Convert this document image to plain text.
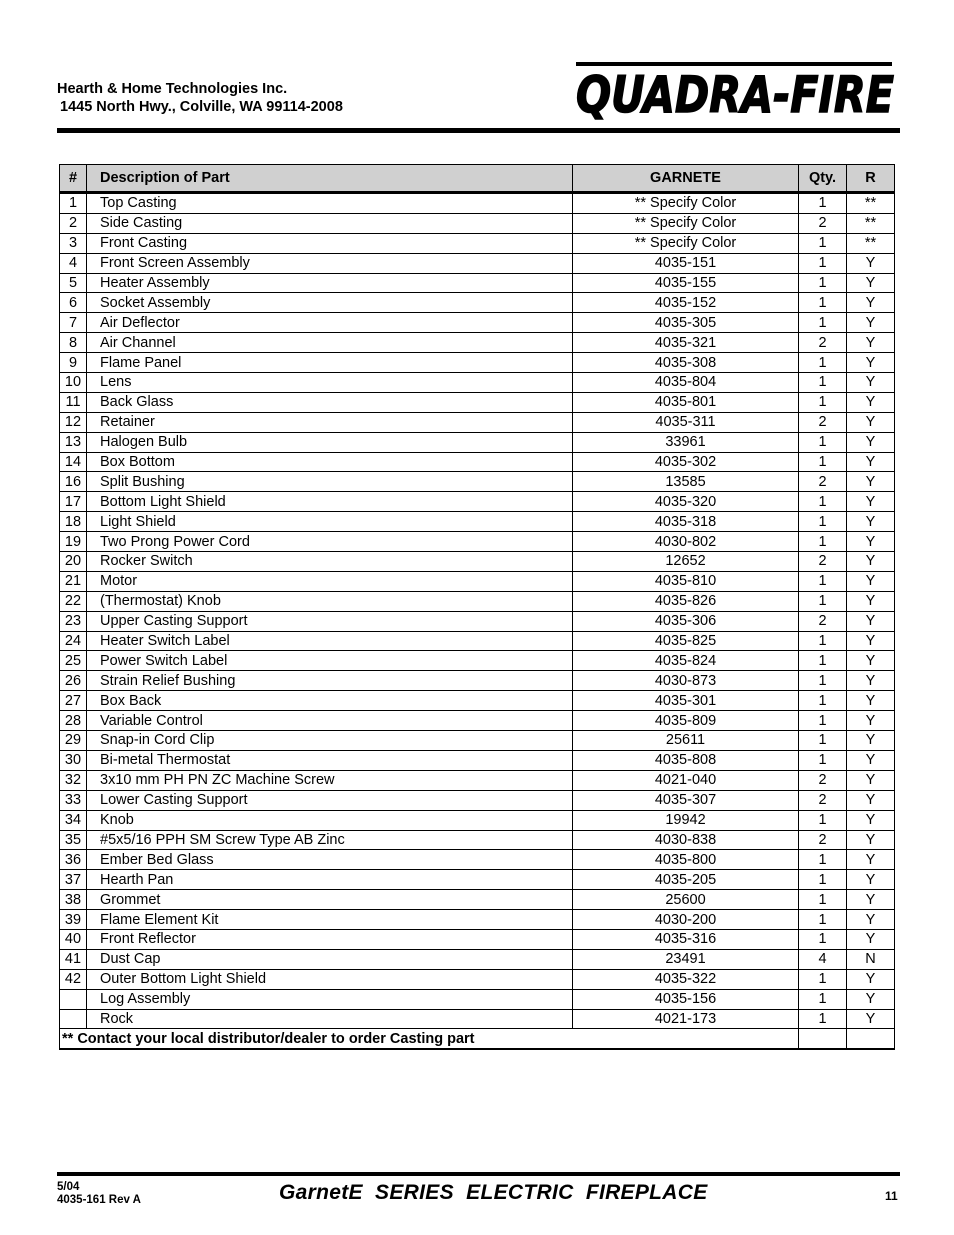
Hearth & Home Technologies Inc.
1445 North Hwy., Colville, WA 99114-2008	QUADRA-FIRE
#	Description of Part	GARNETE	Qty.	R
1	Top Casting	** Specify Color	1	**
2	Side Casting	** Specify Color	2	**
3	Front Casting	** Specify Color	1	**
4	Front Screen Assembly	4035-151	1	Y
5	Heater Assembly	4035-155	1	Y
6	Socket Assembly	4035-152	1	Y
7	Air Deflector	4035-305	1	Y
8	Air Channel	4035-321	2	Y
9	Flame Panel	4035-308	1	Y
10	Lens	4035-804	1	Y
11	Back Glass	4035-801	1	Y
12	Retainer	4035-311	2	Y
13	Halogen Bulb	33961	1	Y
14	Box Bottom	4035-302	1	Y
16	Split Bushing	13585	2	Y
17	Bottom Light Shield	4035-320	1	Y
18	Light Shield	4035-318	1	Y
19	Two Prong Power Cord	4030-802	1	Y
20	Rocker Switch	12652	2	Y
21	Motor	4035-810	1	Y
22	(Thermostat) Knob	4035-826	1	Y
23	Upper Casting Support	4035-306	2	Y
24	Heater Switch Label	4035-825	1	Y
25	Power Switch Label	4035-824	1	Y
26	Strain Relief Bushing	4030-873	1	Y
27	Box Back	4035-301	1	Y
28	Variable Control	4035-809	1	Y
29	Snap-in Cord Clip	25611	1	Y
30	Bi-metal Thermostat	4035-808	1	Y
32	3x10 mm PH PN ZC Machine Screw	4021-040	2	Y
33	Lower Casting Support	4035-307	2	Y
34	Knob	19942	1	Y
35	#5x5/16 PPH SM Screw Type AB Zinc	4030-838	2	Y
36	Ember Bed Glass	4035-800	1	Y
37	Hearth Pan	4035-205	1	Y
38	Grommet	25600	1	Y
39	Flame Element Kit	4030-200	1	Y
40	Front Reflector	4035-316	1	Y
41	Dust Cap	23491	4	N
42	Outer Bottom Light Shield	4035-322	1	Y
	Log Assembly	4035-156	1	Y
	Rock	4021-173	1	Y
** Contact your local distributor/dealer to order Casting part				
5/04
4035-161 Rev A	GarnetE  SERIES  ELECTRIC  FIREPLACE	11
